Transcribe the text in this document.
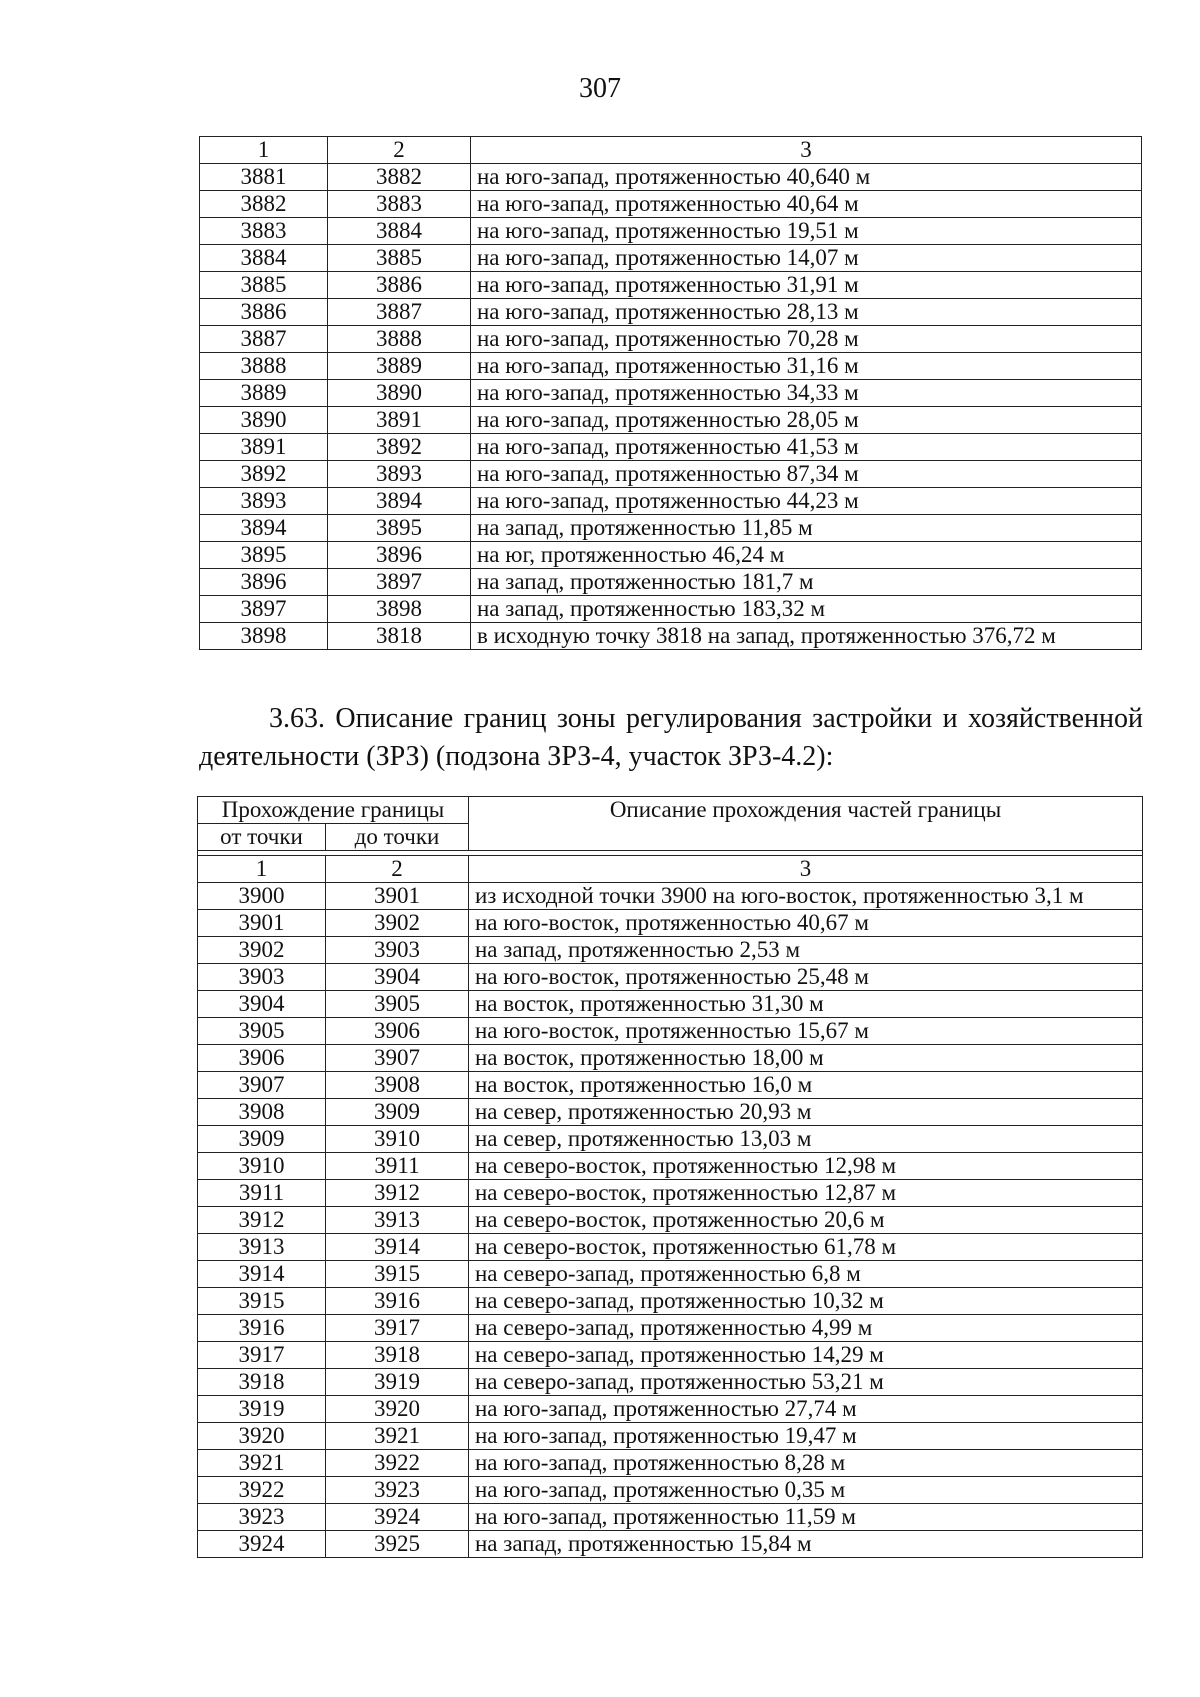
307
1	2	3
3881	3882	на юго-запад, протяженностью 40,640 м
3882	3883	на юго-запад, протяженностью 40,64 м
3883	3884	на юго-запад, протяженностью 19,51 м
3884	3885	на юго-запад, протяженностью 14,07 м
3885	3886	на юго-запад, протяженностью 31,91 м
3886	3887	на юго-запад, протяженностью 28,13 м
3887	3888	на юго-запад, протяженностью 70,28 м
3888	3889	на юго-запад, протяженностью 31,16 м
3889	3890	на юго-запад, протяженностью 34,33 м
3890	3891	на юго-запад, протяженностью 28,05 м
3891	3892	на юго-запад, протяженностью 41,53 м
3892	3893	на юго-запад, протяженностью 87,34 м
3893	3894	на юго-запад, протяженностью 44,23 м
3894	3895	на запад, протяженностью 11,85 м
3895	3896	на юг, протяженностью 46,24 м
3896	3897	на запад, протяженностью 181,7 м
3897	3898	на запад, протяженностью 183,32 м
3898	3818	в исходную точку 3818 на запад, протяженностью 376,72 м
3.63. Описание границ зоны регулирования застройки и хозяйственной
деятельности (ЗРЗ) (подзона ЗРЗ-4, участок ЗРЗ-4.2):
Прохождение границы		Описание прохождения частей границы
от точки	до точки	

1	2	3
3900	3901	из исходной точки 3900 на юго-восток, протяженностью 3,1 м
3901	3902	на юго-восток, протяженностью 40,67 м
3902	3903	на запад, протяженностью 2,53 м
3903	3904	на юго-восток, протяженностью 25,48 м
3904	3905	на восток, протяженностью 31,30 м
3905	3906	на юго-восток, протяженностью 15,67 м
3906	3907	на восток, протяженностью 18,00 м
3907	3908	на восток, протяженностью 16,0 м
3908	3909	на север, протяженностью 20,93 м
3909	3910	на север, протяженностью 13,03 м
3910	3911	на северо-восток, протяженностью 12,98 м
3911	3912	на северо-восток, протяженностью 12,87 м
3912	3913	на северо-восток, протяженностью 20,6 м
3913	3914	на северо-восток, протяженностью 61,78 м
3914	3915	на северо-запад, протяженностью 6,8 м
3915	3916	на северо-запад, протяженностью 10,32 м
3916	3917	на северо-запад, протяженностью 4,99 м
3917	3918	на северо-запад, протяженностью 14,29 м
3918	3919	на северо-запад, протяженностью 53,21 м
3919	3920	на юго-запад, протяженностью 27,74 м
3920	3921	на юго-запад, протяженностью 19,47 м
3921	3922	на юго-запад, протяженностью 8,28 м
3922	3923	на юго-запад, протяженностью 0,35 м
3923	3924	на юго-запад, протяженностью 11,59 м
3924	3925	на запад, протяженностью 15,84 м
